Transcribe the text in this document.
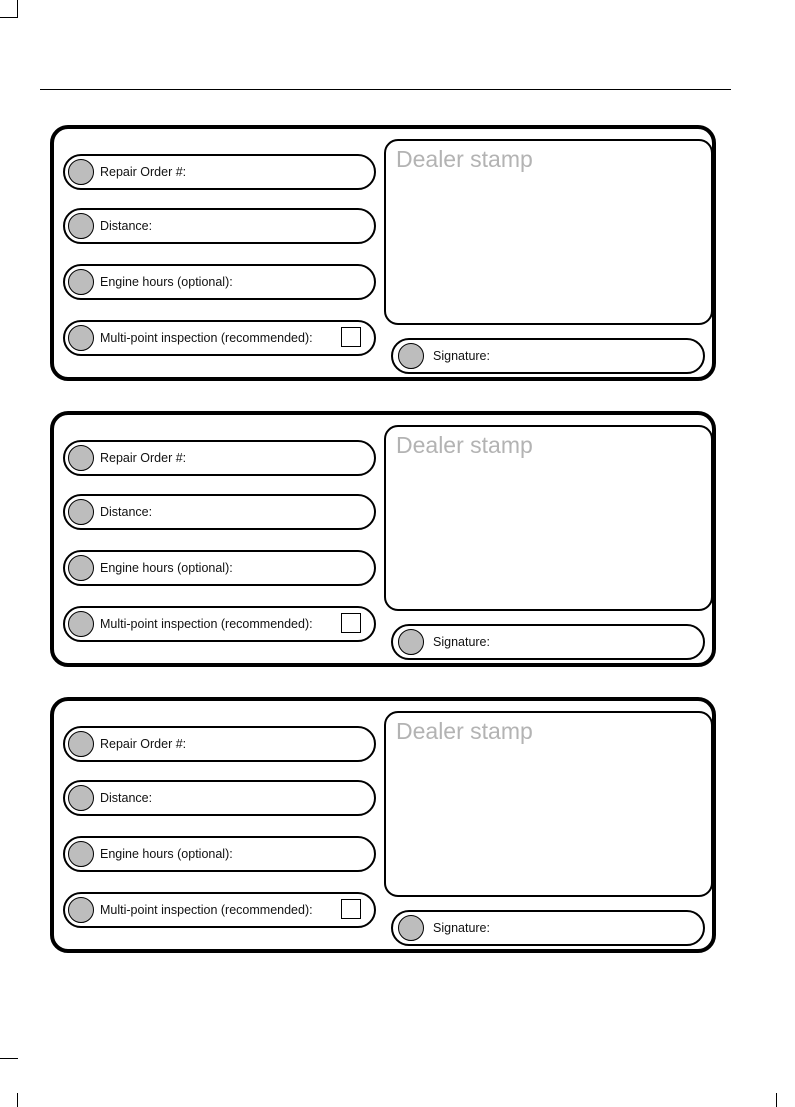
Repair Order #:
Distance:
Engine hours (optional):
Multi-point inspection (recommended):
Dealer stamp
Signature:
Repair Order #:
Distance:
Engine hours (optional):
Multi-point inspection (recommended):
Dealer stamp
Signature:
Repair Order #:
Distance:
Engine hours (optional):
Multi-point inspection (recommended):
Dealer stamp
Signature:
